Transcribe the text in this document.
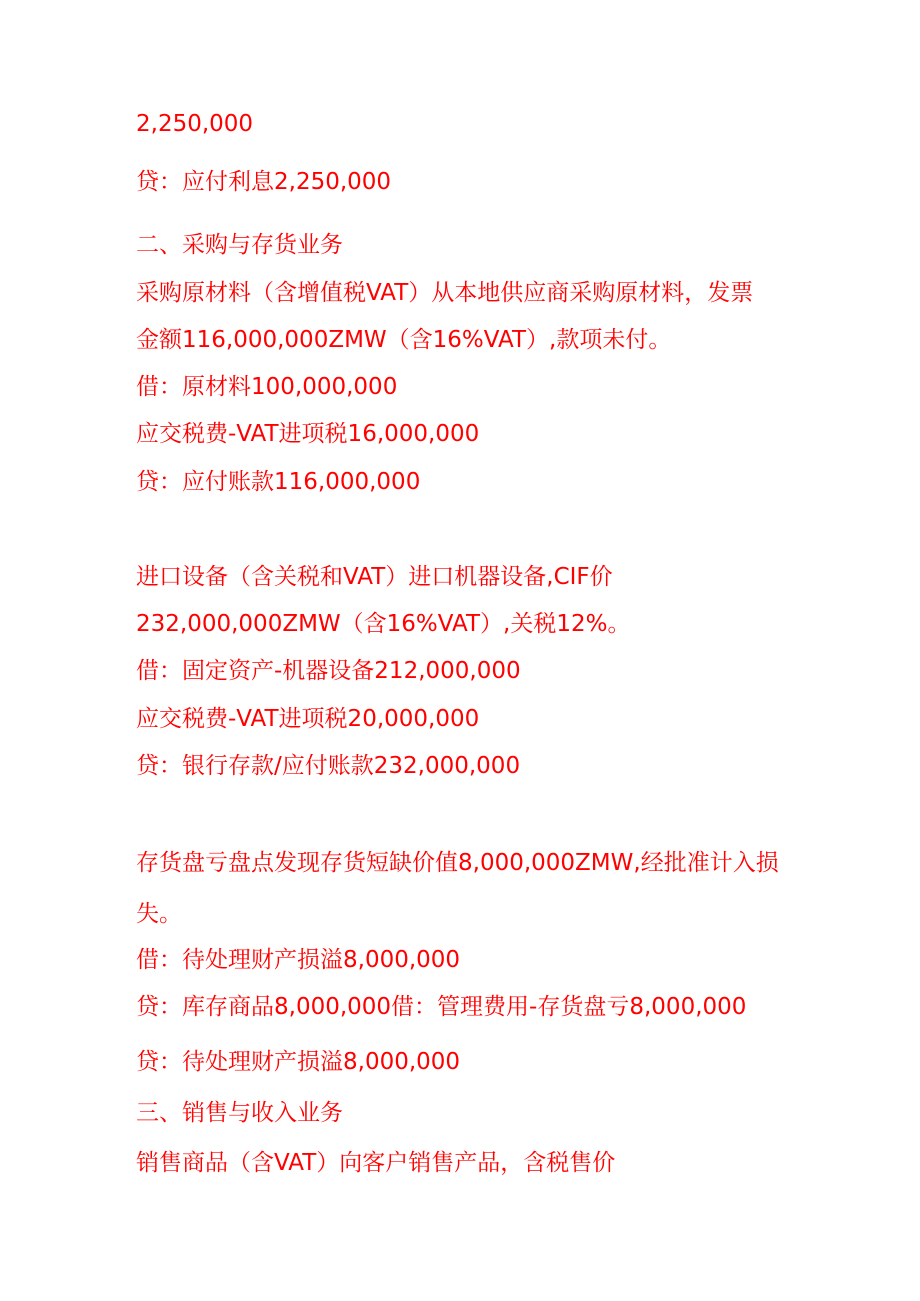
2,250,000
贷：应付利息2,250,000
二、采购与存货业务
采购原材料（含增值税VAT）从本地供应商采购原材料，发票
金额116,000,000ZMW（含16%VAT）,款项未付。
借：原材料100,000,000
应交税费-VAT进项税16,000,000
贷：应付账款116,000,000
进口设备（含关税和VAT）进口机器设备,CIF价
232,000,000ZMW（含16%VAT）,关税12%。
借：固定资产-机器设备212,000,000
应交税费-VAT进项税20,000,000
贷：银行存款/应付账款232,000,000
存货盘亏盘点发现存货短缺价值8,000,000ZMW,经批准计入损
失。
借：待处理财产损溢8,000,000
贷：库存商品8,000,000借：管理费用-存货盘亏8,000,000
贷：待处理财产损溢8,000,000
三、销售与收入业务
销售商品（含VAT）向客户销售产品，含税售价
